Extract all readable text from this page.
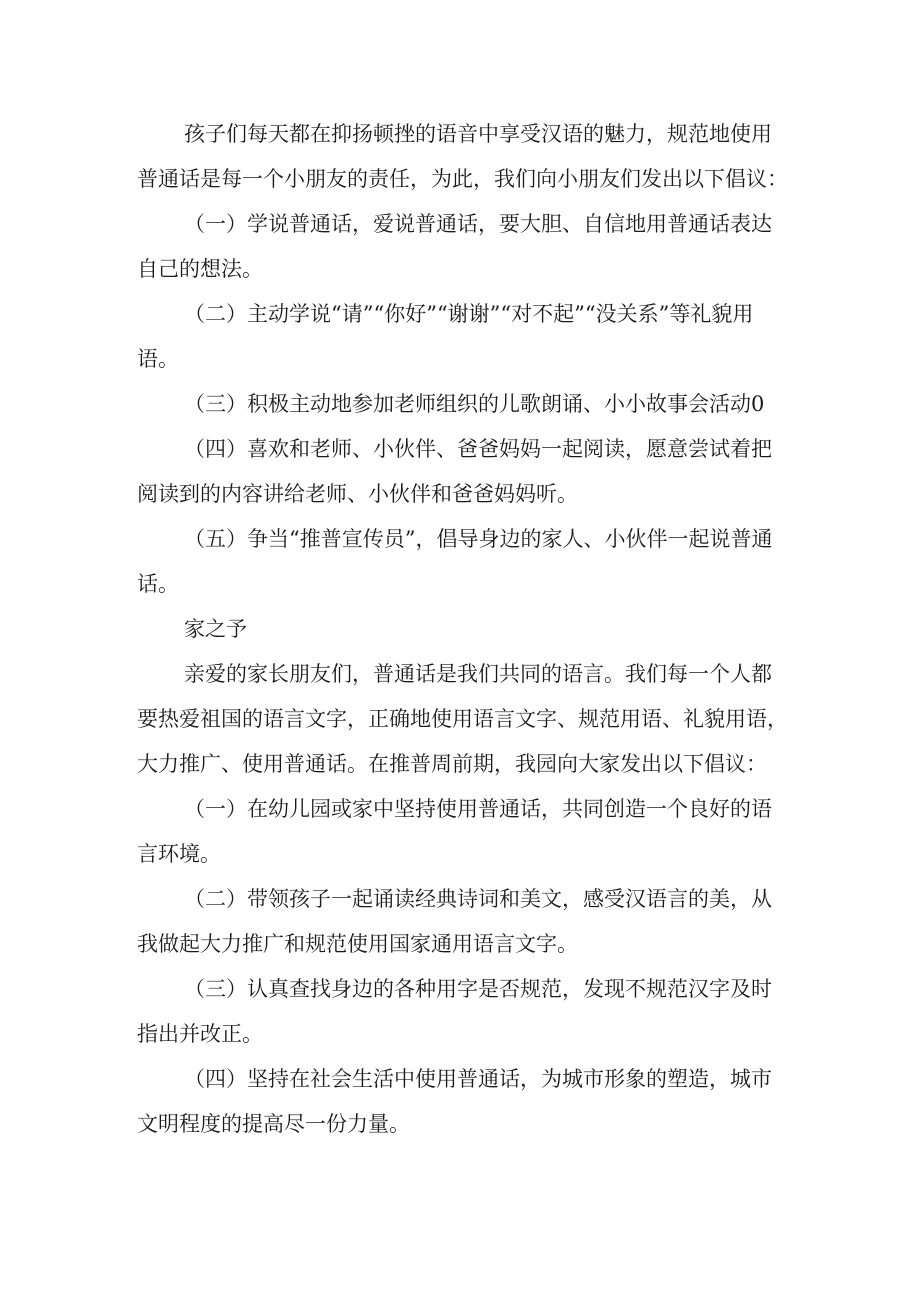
孩子们每天都在抑扬顿挫的语音中享受汉语的魅力，规范地使用普通话是每一个小朋友的责任，为此，我们向小朋友们发出以下倡议：

（一）学说普通话，爱说普通话，要大胆、自信地用普通话表达自己的想法。

（二）主动学说“请”“你好”“谢谢”“对不起”“没关系”等礼貌用语。

（三）积极主动地参加老师组织的儿歌朗诵、小小故事会活动0

（四）喜欢和老师、小伙伴、爸爸妈妈一起阅读，愿意尝试着把阅读到的内容讲给老师、小伙伴和爸爸妈妈听。

（五）争当“推普宣传员”，倡导身边的家人、小伙伴一起说普通话。

家之予

亲爱的家长朋友们，普通话是我们共同的语言。我们每一个人都要热爱祖国的语言文字，正确地使用语言文字、规范用语、礼貌用语，大力推广、使用普通话。在推普周前期，我园向大家发出以下倡议：

（一）在幼儿园或家中坚持使用普通话，共同创造一个良好的语言环境。

（二）带领孩子一起诵读经典诗词和美文，感受汉语言的美，从我做起大力推广和规范使用国家通用语言文字。

（三）认真查找身边的各种用字是否规范，发现不规范汉字及时指出并改正。

（四）坚持在社会生活中使用普通话，为城市形象的塑造，城市文明程度的提高尽一份力量。
